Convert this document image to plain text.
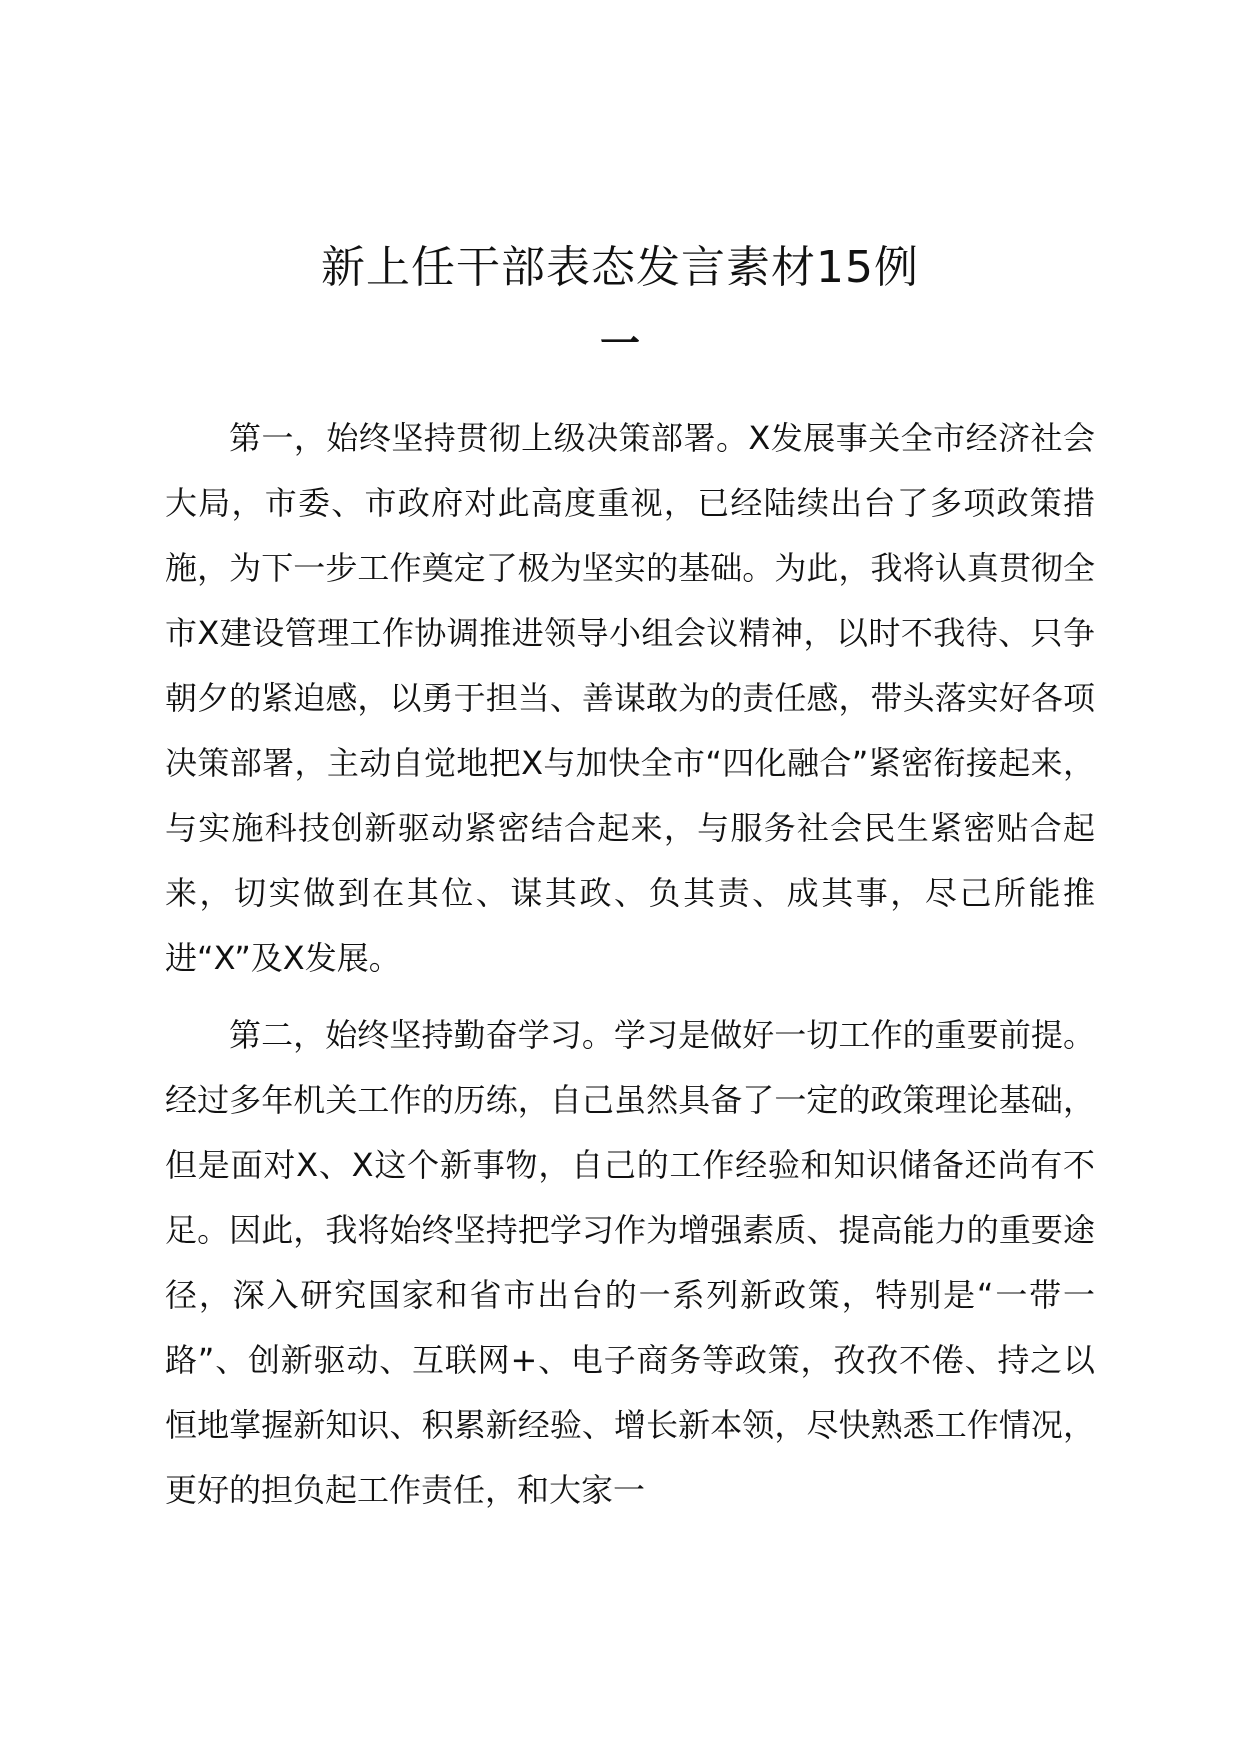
新上任干部表态发言素材15例
一

第一，始终坚持贯彻上级决策部署。X发展事关全市经济社会大局，市委、市政府对此高度重视，已经陆续出台了多项政策措施，为下一步工作奠定了极为坚实的基础。为此，我将认真贯彻全市X建设管理工作协调推进领导小组会议精神，以时不我待、只争朝夕的紧迫感，以勇于担当、善谋敢为的责任感，带头落实好各项决策部署，主动自觉地把X与加快全市“四化融合”紧密衔接起来，与实施科技创新驱动紧密结合起来，与服务社会民生紧密贴合起来，切实做到在其位、谋其政、负其责、成其事，尽己所能推进“X”及X发展。

第二，始终坚持勤奋学习。学习是做好一切工作的重要前提。经过多年机关工作的历练，自己虽然具备了一定的政策理论基础，但是面对X、X这个新事物，自己的工作经验和知识储备还尚有不足。因此，我将始终坚持把学习作为增强素质、提高能力的重要途径，深入研究国家和省市出台的一系列新政策，特别是“一带一路”、创新驱动、互联网+、电子商务等政策，孜孜不倦、持之以恒地掌握新知识、积累新经验、增长新本领，尽快熟悉工作情况，更好的担负起工作责任，和大家一
